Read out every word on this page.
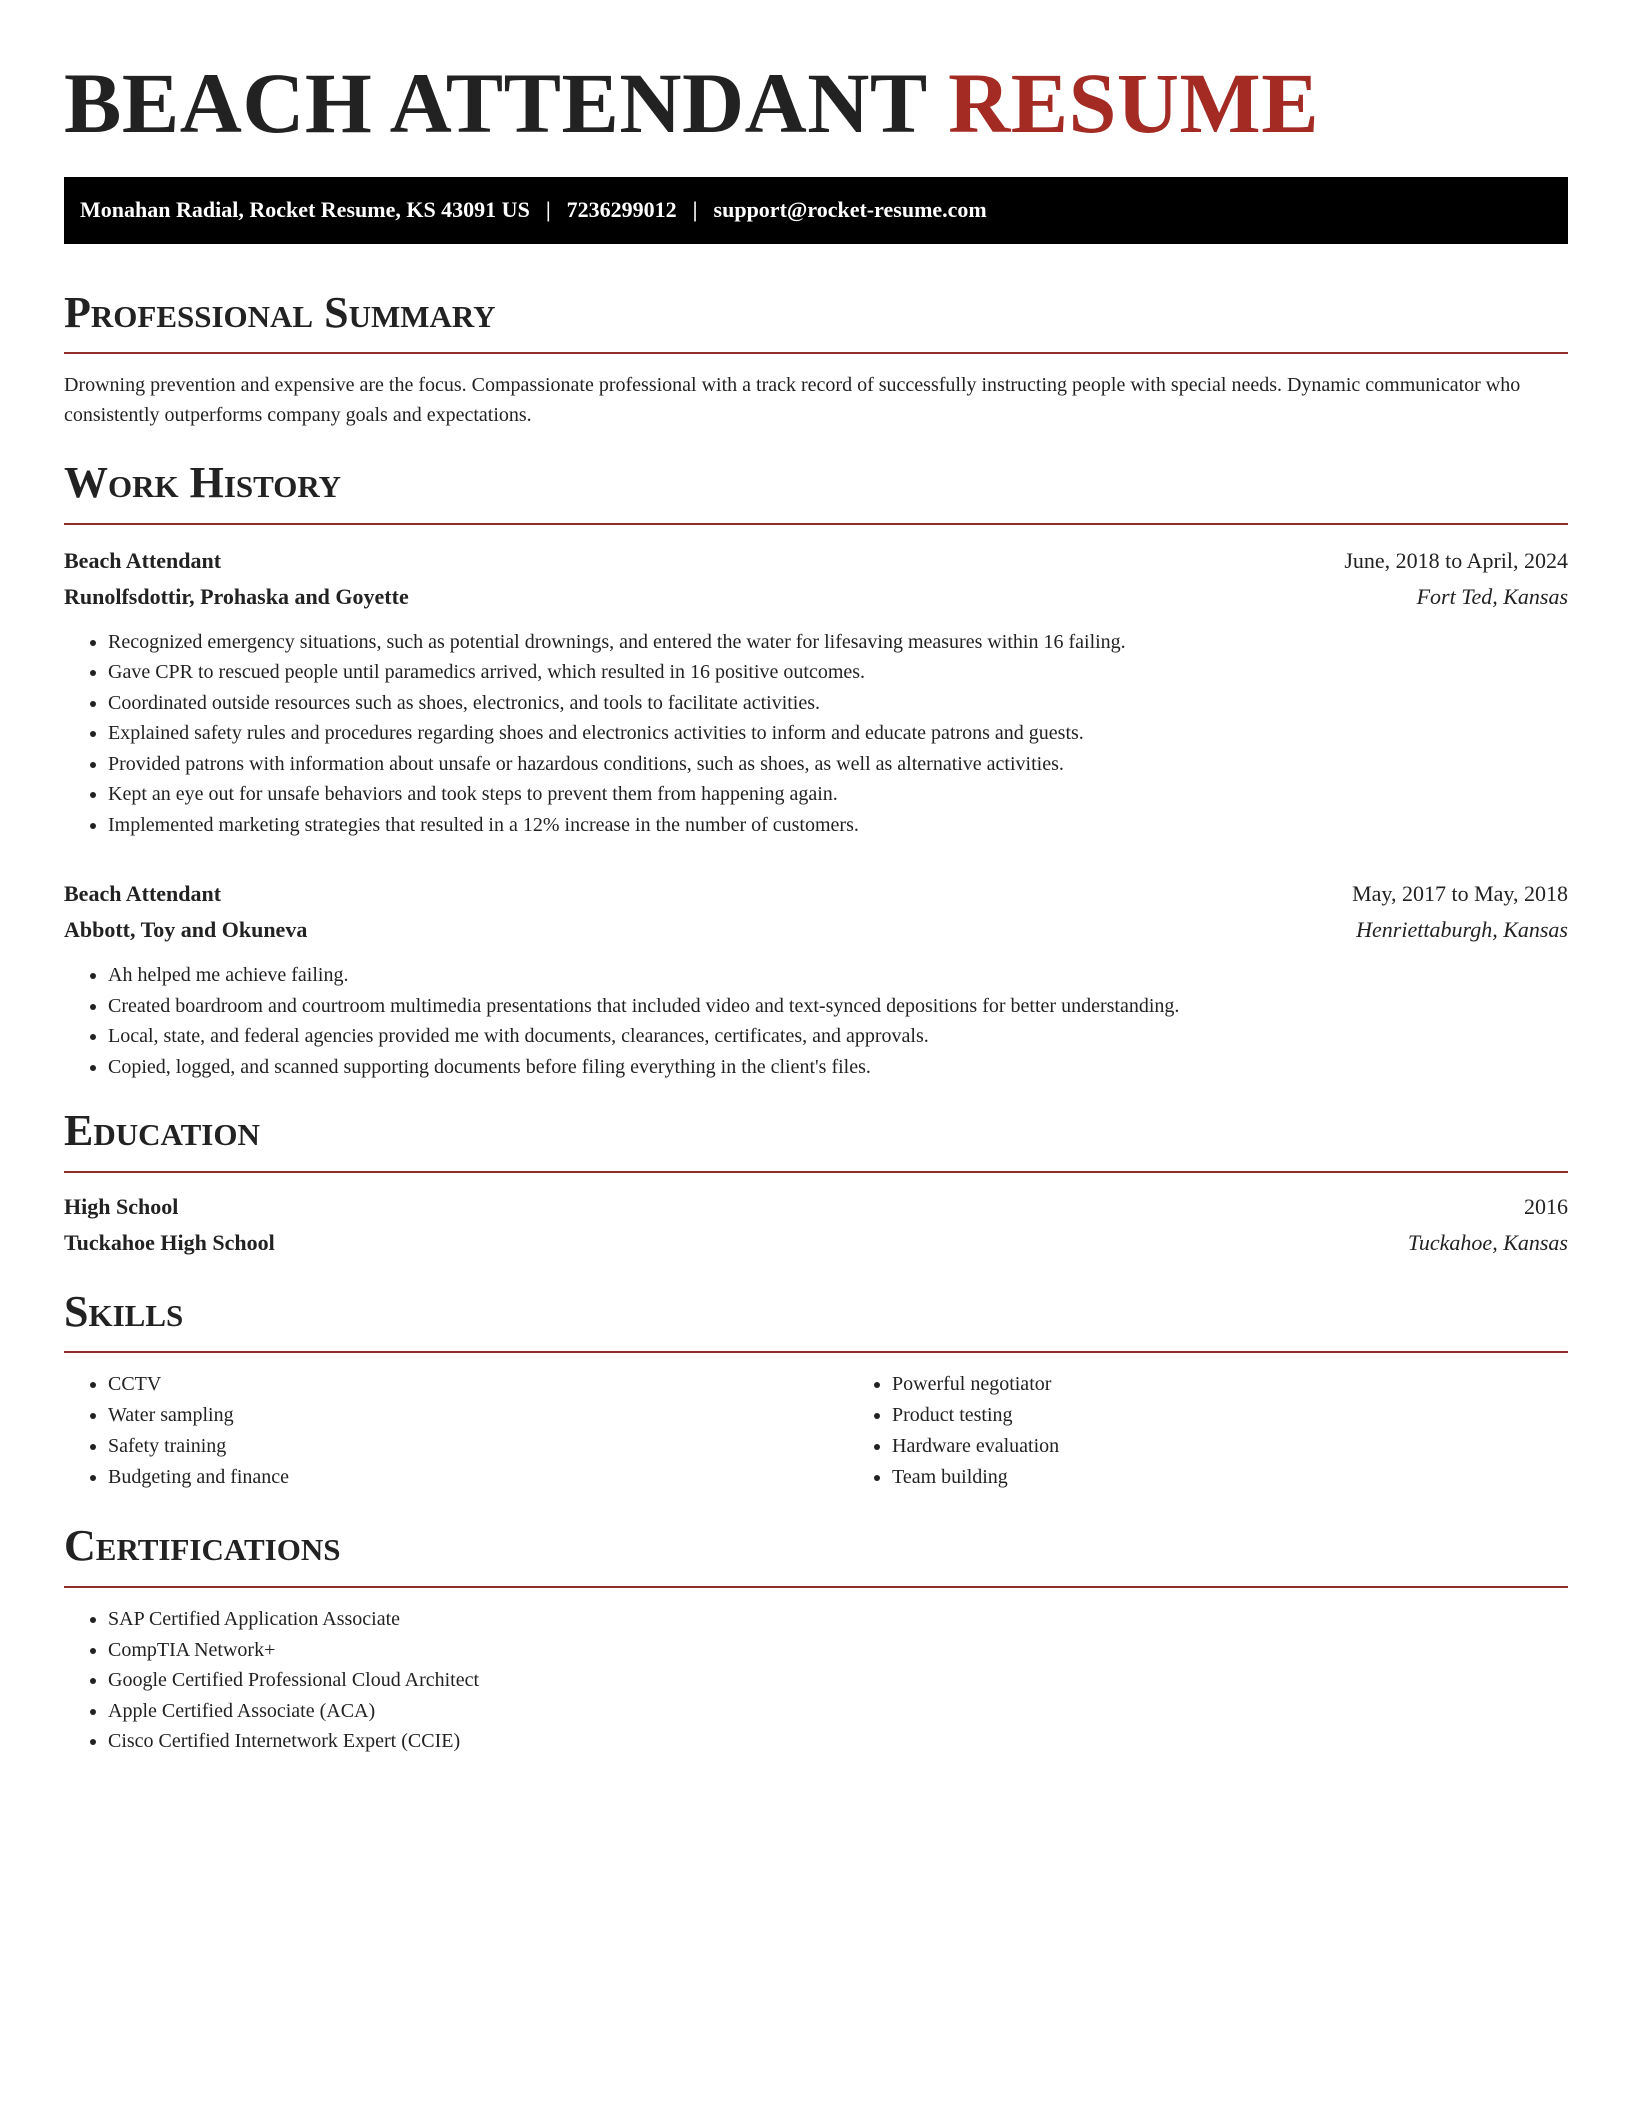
BEACH ATTENDANT RESUME
Monahan Radial, Rocket Resume, KS 43091 US | 7236299012 | support@rocket-resume.com
Professional Summary

Drowning prevention and expensive are the focus. Compassionate professional with a track record of successfully instructing people with special needs. Dynamic communicator who consistently outperforms company goals and expectations.

Work History
Beach Attendant	June, 2018 to April, 2024
Runolfsdottir, Prohaska and Goyette	Fort Ted, Kansas
• Recognized emergency situations, such as potential drownings, and entered the water for lifesaving measures within 16 failing.
• Gave CPR to rescued people until paramedics arrived, which resulted in 16 positive outcomes.
• Coordinated outside resources such as shoes, electronics, and tools to facilitate activities.
• Explained safety rules and procedures regarding shoes and electronics activities to inform and educate patrons and guests.
• Provided patrons with information about unsafe or hazardous conditions, such as shoes, as well as alternative activities.
• Kept an eye out for unsafe behaviors and took steps to prevent them from happening again.
• Implemented marketing strategies that resulted in a 12% increase in the number of customers.
Beach Attendant	May, 2017 to May, 2018
Abbott, Toy and Okuneva	Henriettaburgh, Kansas
• Ah helped me achieve failing.
• Created boardroom and courtroom multimedia presentations that included video and text-synced depositions for better understanding.
• Local, state, and federal agencies provided me with documents, clearances, certificates, and approvals.
• Copied, logged, and scanned supporting documents before filing everything in the client's files.
Education
High School	2016
Tuckahoe High School	Tuckahoe, Kansas
Skills
• CCTV
• Water sampling
• Safety training
• Budgeting and finance
• Powerful negotiator
• Product testing
• Hardware evaluation
• Team building
Certifications
• SAP Certified Application Associate
• CompTIA Network+
• Google Certified Professional Cloud Architect
• Apple Certified Associate (ACA)
• Cisco Certified Internetwork Expert (CCIE)
